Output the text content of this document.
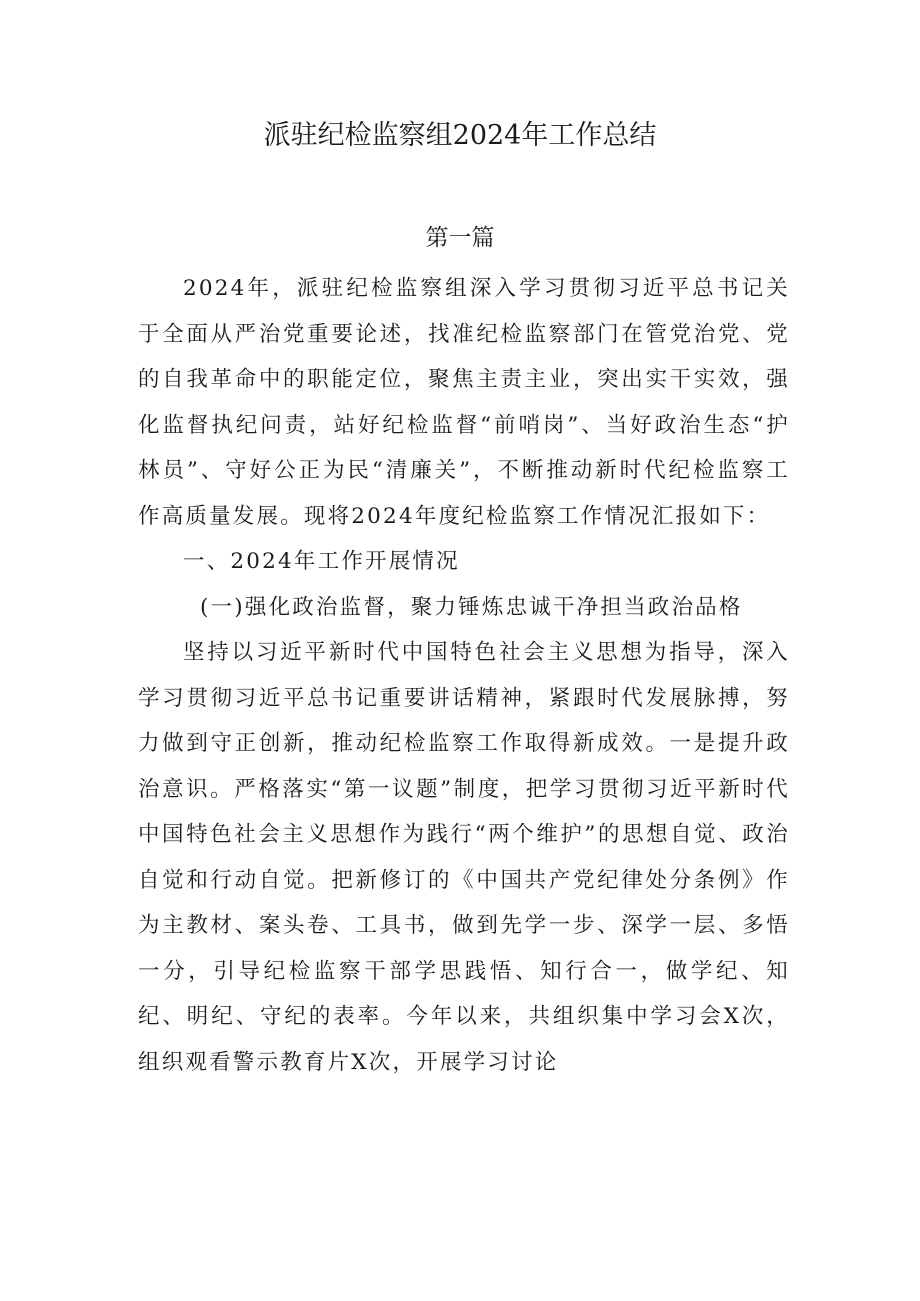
派驻纪检监察组2024年工作总结
第一篇

2024年，派驻纪检监察组深入学习贯彻习近平总书记关于全面从严治党重要论述，找准纪检监察部门在管党治党、党的自我革命中的职能定位，聚焦主责主业，突出实干实效，强化监督执纪问责，站好纪检监督“前哨岗”、当好政治生态“护林员”、守好公正为民“清廉关”，不断推动新时代纪检监察工作高质量发展。现将2024年度纪检监察工作情况汇报如下：

一、2024年工作开展情况

(一)强化政治监督，聚力锤炼忠诚干净担当政治品格

坚持以习近平新时代中国特色社会主义思想为指导，深入学习贯彻习近平总书记重要讲话精神，紧跟时代发展脉搏，努力做到守正创新，推动纪检监察工作取得新成效。一是提升政治意识。严格落实“第一议题”制度，把学习贯彻习近平新时代中国特色社会主义思想作为践行“两个维护”的思想自觉、政治自觉和行动自觉。把新修订的《中国共产党纪律处分条例》作为主教材、案头卷、工具书，做到先学一步、深学一层、多悟一分，引导纪检监察干部学思践悟、知行合一，做学纪、知纪、明纪、守纪的表率。今年以来，共组织集中学习会X次，组织观看警示教育片X次，开展学习讨论
